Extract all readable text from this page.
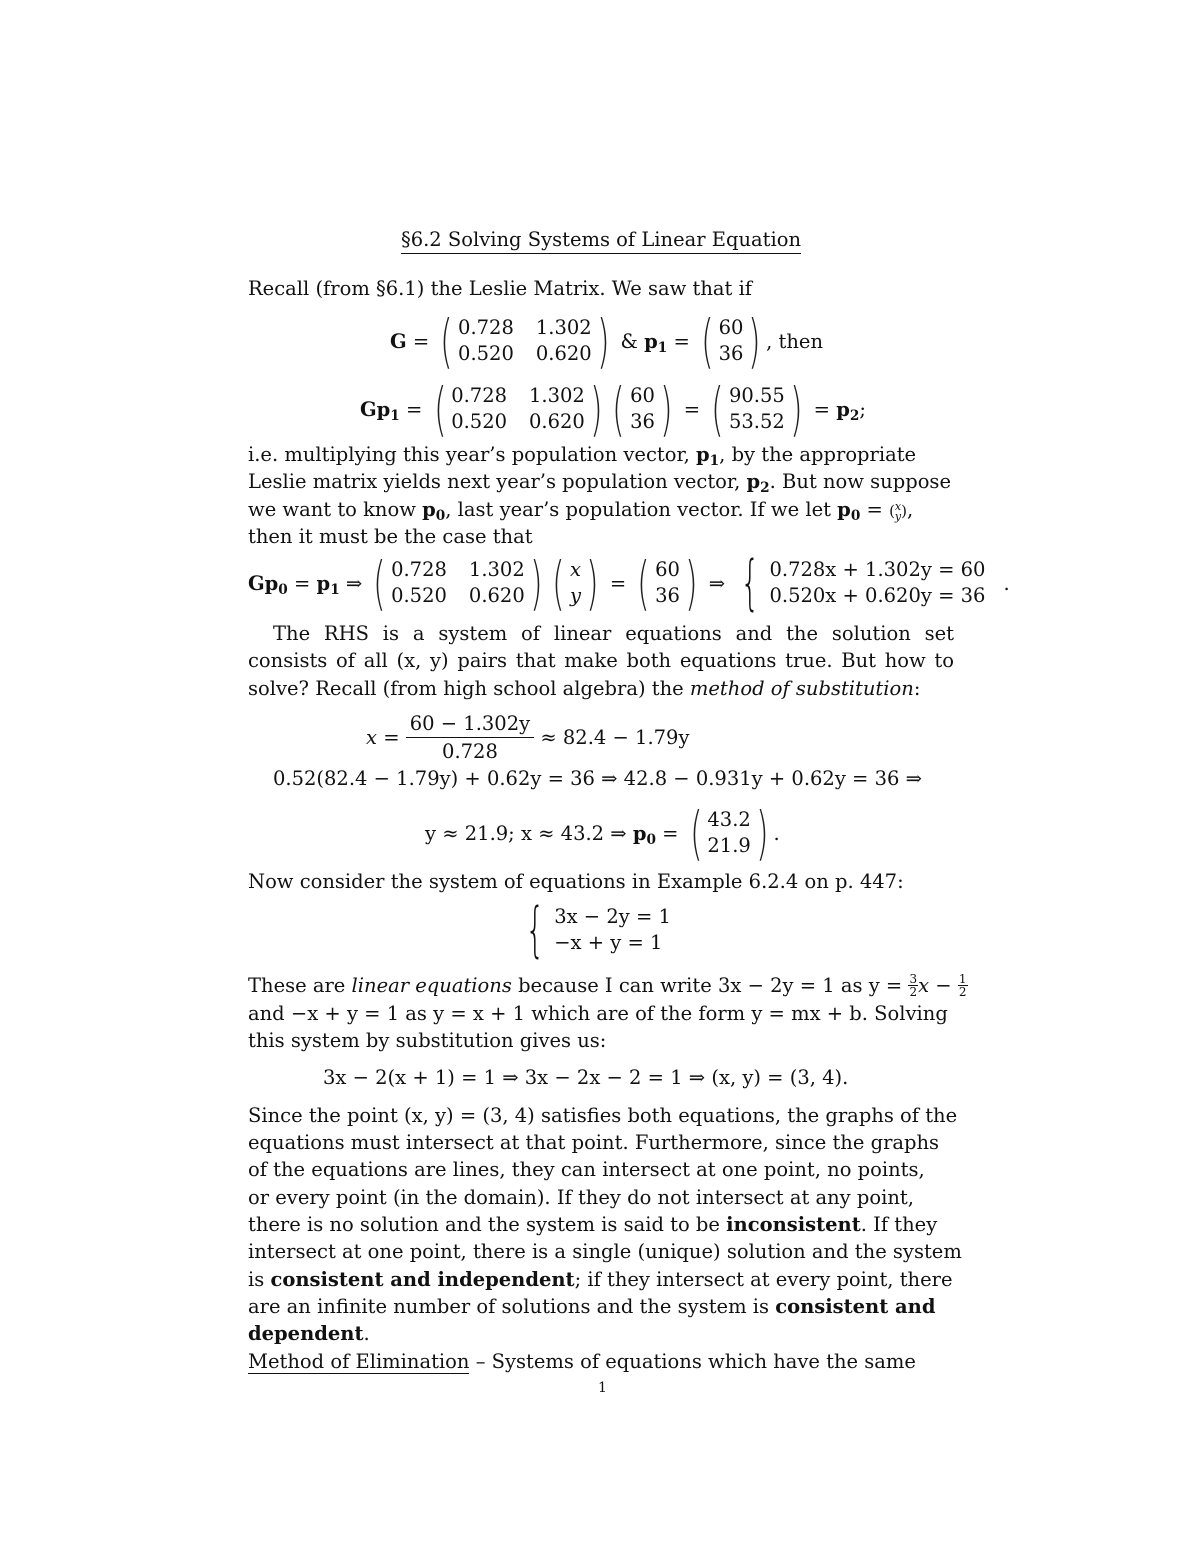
§6.2 Solving Systems of Linear Equation
Recall (from §6.1) the Leslie Matrix. We saw that if
G = ( 0.728 1.302
0.520 0.620 ) & $p_1$ = ( 60
36 ) , then
$Gp_1$ = ( 0.728 1.302
0.520 0.620 ) ( 60
36 ) = ( 90.55
53.52 ) = $p_2$ ;
i.e. multiplying this year’s population vector, $p_1$, by the appropriate
Leslie matrix yields next year’s population vector, $p_2$. But now suppose
we want to know $p_0$, last year’s population vector. If we let $p_0$ = ( x
y ),
then it must be the case that
$Gp_0 = p_1$ ⇒ ( 0.728 1.302
0.520 0.620 ) ( x
y ) = ( 60
36 ) ⇒ { 0.728x + 1.302y = 60
0.520x + 0.620y = 36
.
The RHS is a system of linear equations and the solution set consists of all (x, y) pairs that make both equations true. But how to solve? Recall (from high school algebra) the method of substitution:
$x = \frac{60 - 1.302y}{0.728}$
≈ 82.4 − 1.79y
0.52(82.4 − 1.79y) + 0.62y = 36 ⇒ 42.8 − 0.931y + 0.62y = 36 ⇒
y ≈ 21.9; x ≈ 43.2 ⇒
$p_0$ = ( 43.2
21.9 ) .
Now consider the system of equations in Example 6.2.4 on p. 447:
{ 3x − 2y = 1
−x + y = 1
These are
linear equations
because I can write 3x − 2y = 1 as y =
$\frac{3}{2}$ x − 1
2
and −x + y = 1 as y = x + 1 which are of the form y = mx + b. Solving
this system by substitution gives us:
3x − 2(x + 1) = 1 ⇒ 3x − 2x − 2 = 1 ⇒ (x, y) = (3, 4).
Since the point (x, y) = (3, 4) satisfies both equations, the graphs of the
equations must intersect at that point. Furthermore, since the graphs
of the equations are lines, they can intersect at one point, no points,
or every point (in the domain). If they do not intersect at any point,
there is no solution and the system is said to be inconsistent. If they
intersect at one point, there is a single (unique) solution and the system
is consistent and independent; if they intersect at every point, there
are an infinite number of solutions and the system is consistent and
dependent.
Method of Elimination – Systems of equations which have the same
1
